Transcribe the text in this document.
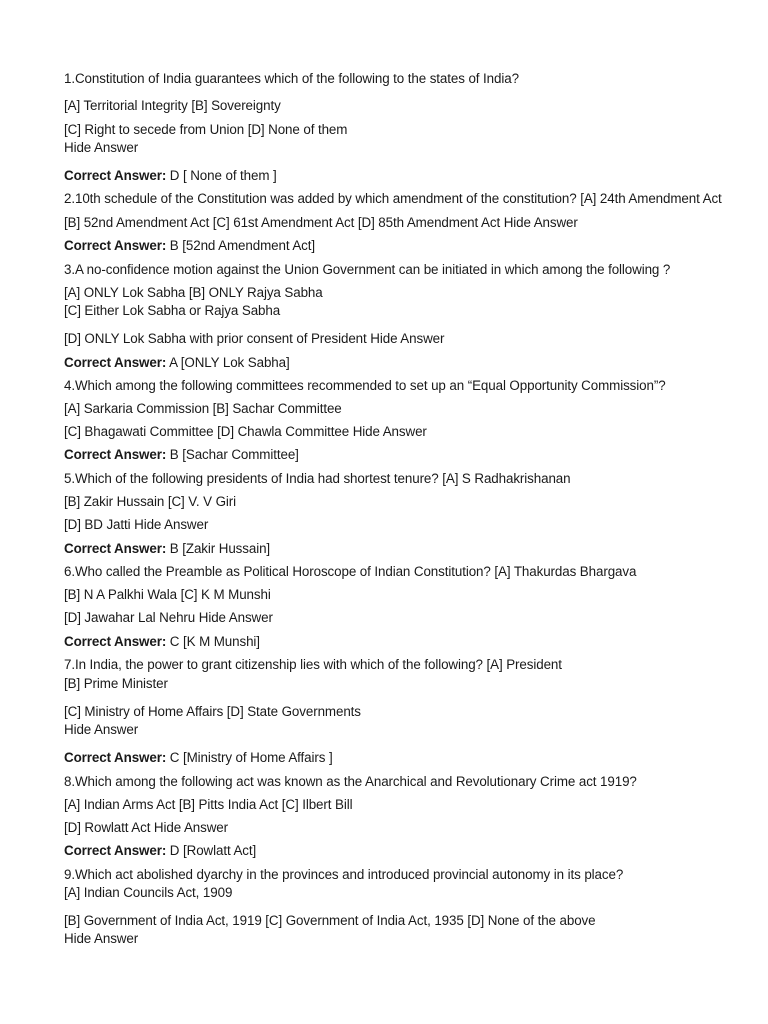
1.Constitution of India guarantees which of the following to the states of India?
[A] Territorial Integrity [B] Sovereignty
[C] Right to secede from Union [D] None of them
Hide Answer
Correct Answer: D [ None of them ]
2.10th schedule of the Constitution was added by which amendment of the constitution? [A] 24th Amendment Act
[B] 52nd Amendment Act [C] 61st Amendment Act [D] 85th Amendment Act Hide Answer
Correct Answer: B [52nd Amendment Act]
3.A no-confidence motion against the Union Government can be initiated in which among the following ?
[A] ONLY Lok Sabha [B] ONLY Rajya Sabha
[C] Either Lok Sabha or Rajya Sabha
[D] ONLY Lok Sabha with prior consent of President Hide Answer
Correct Answer: A [ONLY Lok Sabha]
4.Which among the following committees recommended to set up an “Equal Opportunity Commission”?
[A] Sarkaria Commission [B] Sachar Committee
[C] Bhagawati Committee [D] Chawla Committee Hide Answer
Correct Answer: B [Sachar Committee]
5.Which of the following presidents of India had shortest tenure? [A] S Radhakrishanan
[B] Zakir Hussain [C] V. V Giri
[D] BD Jatti Hide Answer
Correct Answer: B [Zakir Hussain]
6.Who called the Preamble as Political Horoscope of Indian Constitution? [A] Thakurdas Bhargava
[B] N A Palkhi Wala [C] K M Munshi
[D] Jawahar Lal Nehru Hide Answer
Correct Answer: C [K M Munshi]
7.In India, the power to grant citizenship lies with which of the following? [A] President
[B] Prime Minister
[C] Ministry of Home Affairs [D] State Governments
Hide Answer
Correct Answer: C [Ministry of Home Affairs ]
8.Which among the following act was known as the Anarchical and Revolutionary Crime act 1919?
[A] Indian Arms Act [B] Pitts India Act [C] Ilbert Bill
[D] Rowlatt Act Hide Answer
Correct Answer: D [Rowlatt Act]
9.Which act abolished dyarchy in the provinces and introduced provincial autonomy in its place?
[A] Indian Councils Act, 1909
[B] Government of India Act, 1919 [C] Government of India Act, 1935 [D] None of the above
Hide Answer
